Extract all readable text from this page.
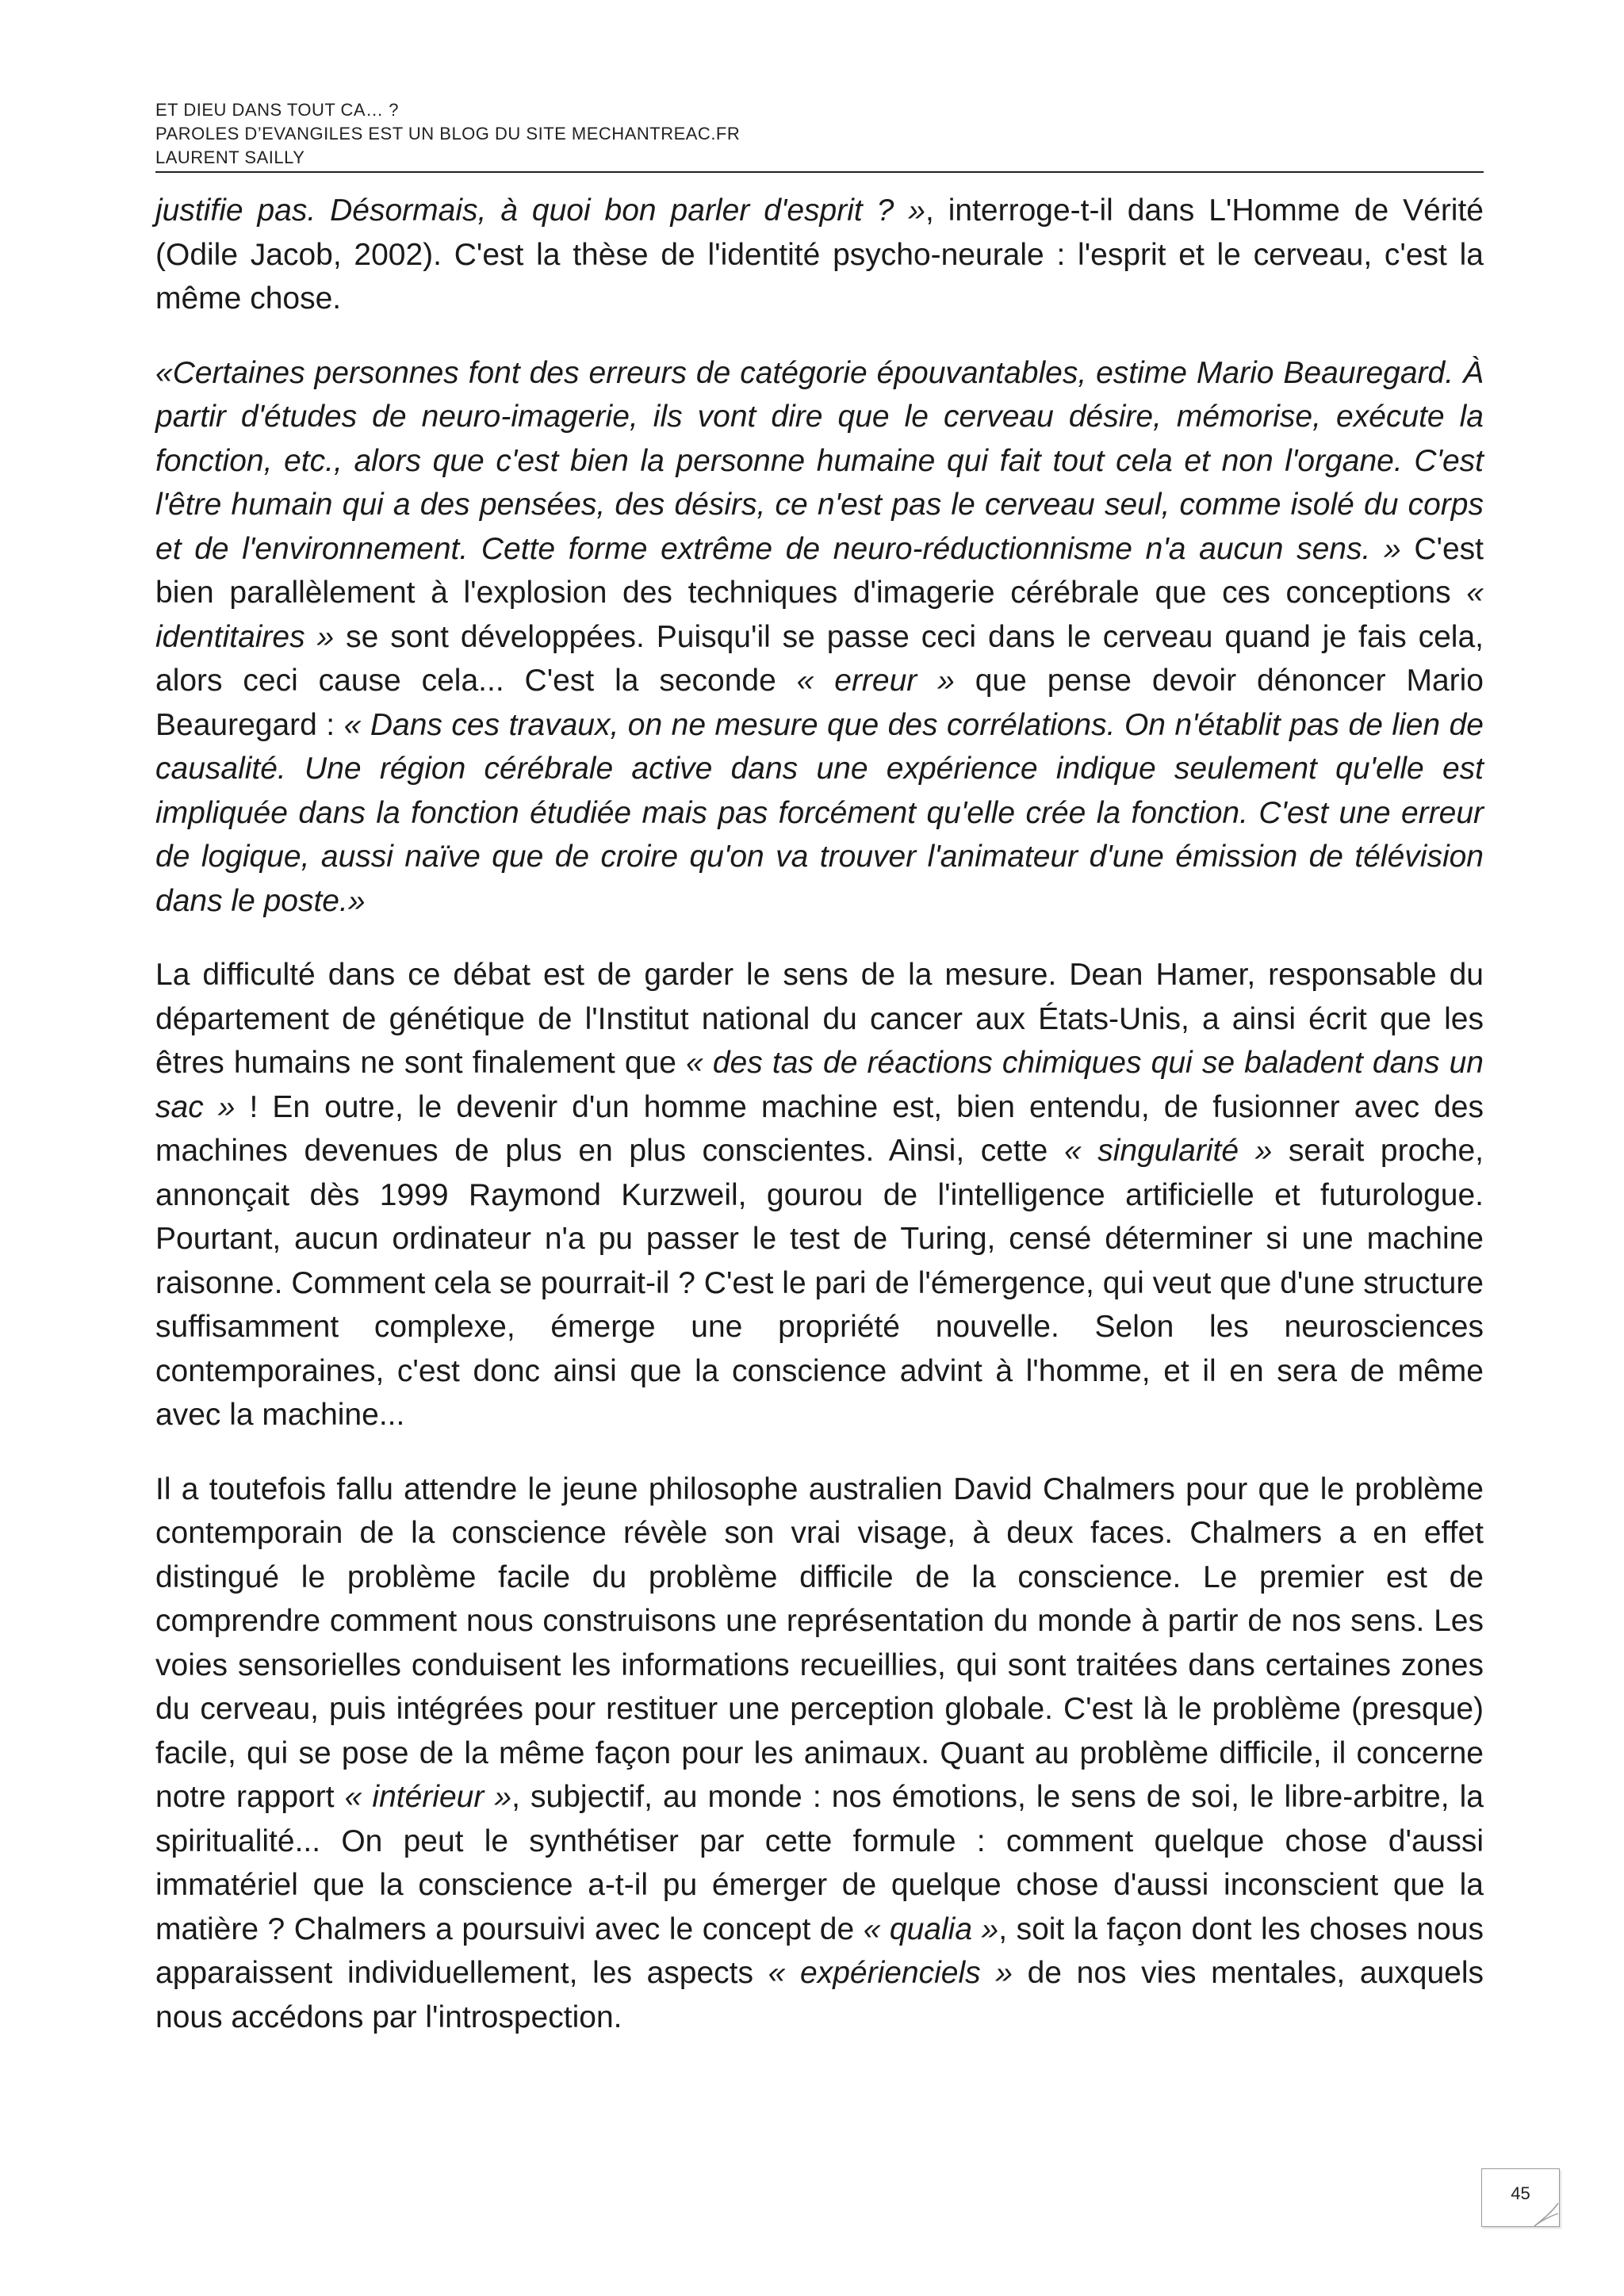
ET DIEU DANS TOUT CA… ?
PAROLES D’EVANGILES EST UN BLOG DU SITE MECHANTREAC.FR
LAURENT SAILLY

justifie pas. Désormais, à quoi bon parler d'esprit ? », interroge-t-il dans L'Homme de Vérité (Odile Jacob, 2002). C'est la thèse de l'identité psycho-neurale : l'esprit et le cerveau, c'est la même chose.

«Certaines personnes font des erreurs de catégorie épouvantables, estime Mario Beauregard. À partir d'études de neuro-imagerie, ils vont dire que le cerveau désire, mémorise, exécute la fonction, etc., alors que c'est bien la personne humaine qui fait tout cela et non l'organe. C'est l'être humain qui a des pensées, des désirs, ce n'est pas le cerveau seul, comme isolé du corps et de l'environnement. Cette forme extrême de neuro-réductionnisme n'a aucun sens. » C'est bien parallèlement à l'explosion des techniques d'imagerie cérébrale que ces conceptions « identitaires » se sont développées. Puisqu'il se passe ceci dans le cerveau quand je fais cela, alors ceci cause cela... C'est la seconde « erreur » que pense devoir dénoncer Mario Beauregard : « Dans ces travaux, on ne mesure que des corrélations. On n'établit pas de lien de causalité. Une région cérébrale active dans une expérience indique seulement qu'elle est impliquée dans la fonction étudiée mais pas forcément qu'elle crée la fonction. C'est une erreur de logique, aussi naïve que de croire qu'on va trouver l'animateur d'une émission de télévision dans le poste.»

La difficulté dans ce débat est de garder le sens de la mesure. Dean Hamer, responsable du département de génétique de l'Institut national du cancer aux États-Unis, a ainsi écrit que les êtres humains ne sont finalement que « des tas de réactions chimiques qui se baladent dans un sac » ! En outre, le devenir d'un homme machine est, bien entendu, de fusionner avec des machines devenues de plus en plus conscientes. Ainsi, cette « singularité » serait proche, annonçait dès 1999 Raymond Kurzweil, gourou de l'intelligence artificielle et futurologue. Pourtant, aucun ordinateur n'a pu passer le test de Turing, censé déterminer si une machine raisonne. Comment cela se pourrait-il ? C'est le pari de l'émergence, qui veut que d'une structure suffisamment complexe, émerge une propriété nouvelle. Selon les neurosciences contemporaines, c'est donc ainsi que la conscience advint à l'homme, et il en sera de même avec la machine...

Il a toutefois fallu attendre le jeune philosophe australien David Chalmers pour que le problème contemporain de la conscience révèle son vrai visage, à deux faces. Chalmers a en effet distingué le problème facile du problème difficile de la conscience. Le premier est de comprendre comment nous construisons une représentation du monde à partir de nos sens. Les voies sensorielles conduisent les informations recueillies, qui sont traitées dans certaines zones du cerveau, puis intégrées pour restituer une perception globale. C'est là le problème (presque) facile, qui se pose de la même façon pour les animaux. Quant au problème difficile, il concerne notre rapport « intérieur », subjectif, au monde : nos émotions, le sens de soi, le libre-arbitre, la spiritualité... On peut le synthétiser par cette formule : comment quelque chose d'aussi immatériel que la conscience a-t-il pu émerger de quelque chose d'aussi inconscient que la matière ? Chalmers a poursuivi avec le concept de « qualia », soit la façon dont les choses nous apparaissent individuellement, les aspects « expérienciels » de nos vies mentales, auxquels nous accédons par l'introspection.

45
